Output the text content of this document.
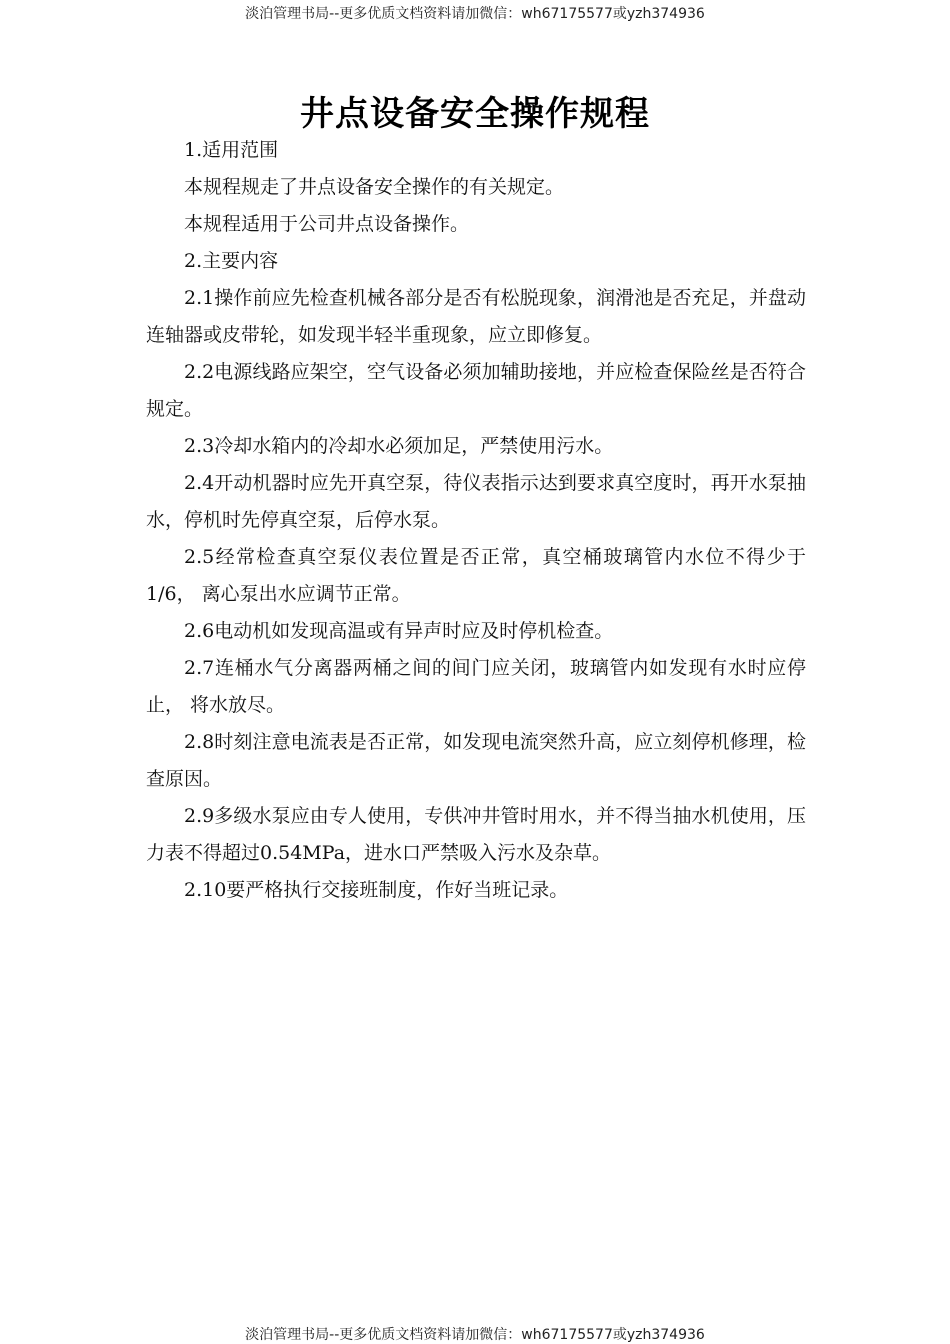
淡泊管理书局--更多优质文档资料请加微信：wh67175577或yzh374936
井点设备安全操作规程

1.适用范围

本规程规走了井点设备安全操作的有关规定。

本规程适用于公司井点设备操作。

2.主要内容

2.1操作前应先检查机械各部分是否有松脱现象，润滑池是否充足，并盘动 连轴器或皮带轮，如发现半轻半重现象，应立即修复。

2.2电源线路应架空，空气设备必须加辅助接地，并应检查保险丝是否符合 规定。

2.3冷却水箱内的冷却水必须加足，严禁使用污水。

2.4开动机器时应先开真空泵，待仪表指示达到要求真空度时，再开水泵抽 水，停机时先停真空泵，后停水泵。

2.5经常检查真空泵仪表位置是否正常，真空桶玻璃管内水位不得少于1/6， 离心泵出水应调节正常。

2.6电动机如发现高温或有异声时应及时停机检查。

2.7连桶水气分离器两桶之间的间门应关闭，玻璃管内如发现有水时应停止， 将水放尽。

2.8时刻注意电流表是否正常，如发现电流突然升高，应立刻停机修理，检查原因。

2.9多级水泵应由专人使用，专供冲井管时用水，并不得当抽水机使用，压力表不得超过0.54MPa，进水口严禁吸入污水及杂草。

2.10要严格执行交接班制度，作好当班记录。

淡泊管理书局--更多优质文档资料请加微信：wh67175577或yzh374936
